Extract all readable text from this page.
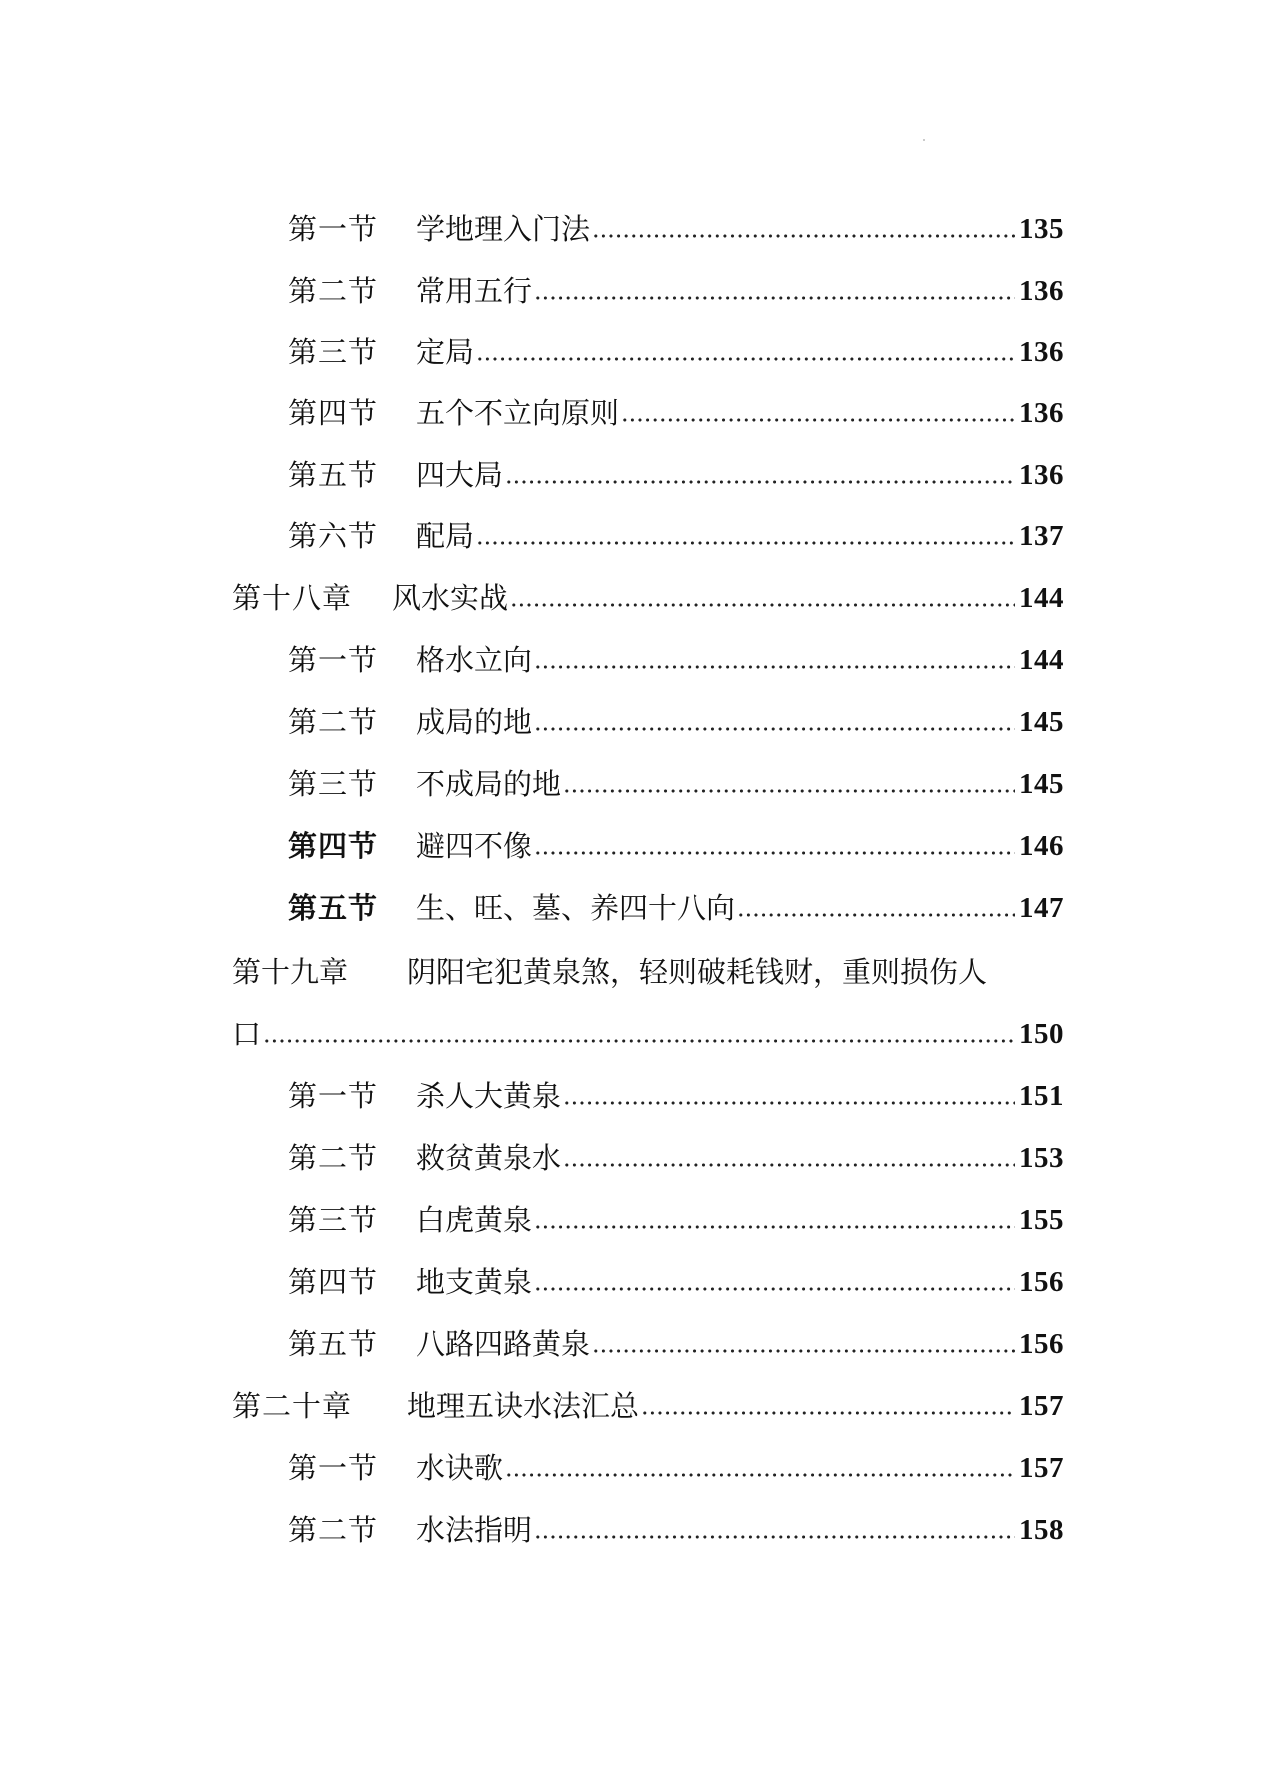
第一节	学地理入门法	135
第二节	常用五行	136
第三节	定局	136
第四节	五个不立向原则	136
第五节	四大局	136
第六节	配局	137
第十八章	风水实战	144
第一节	格水立向	144
第二节	成局的地	145
第三节	不成局的地	145
第四节	避四不像	146
第五节	生、旺、墓、养四十八向	147
第十九章	阴阳宅犯黄泉煞，轻则破耗钱财，重则损伤人
口	150
第一节	杀人大黄泉	151
第二节	救贫黄泉水	153
第三节	白虎黄泉	155
第四节	地支黄泉	156
第五节	八路四路黄泉	156
第二十章	地理五诀水法汇总	157
第一节	水诀歌	157
第二节	水法指明	158
